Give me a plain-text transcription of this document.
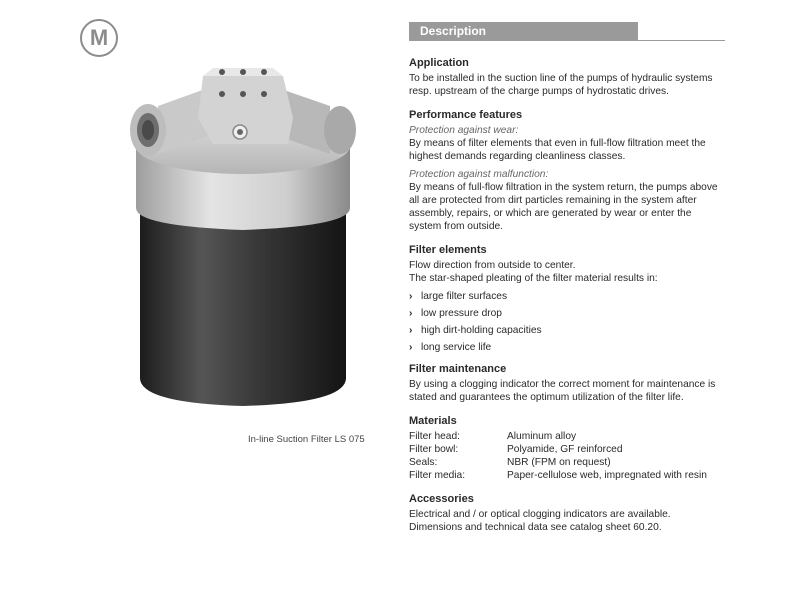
M
In-line Suction Filter LS 075
Description
Application

To be installed in the suction line of the pumps of hydraulic systems resp. upstream of the charge pumps of hydrostatic drives.

Performance features

Protection against wear:

By means of filter elements that even in full-flow filtration meet the highest demands regarding cleanliness classes.

Protection against malfunction:

By means of full-flow filtration in the system return, the pumps above all are protected from dirt particles remaining in the system after assembly, repairs, or which are generated by wear or enter the system from outside.

Filter elements

Flow direction from outside to center.

The star-shaped pleating of the filter material results in:

› large filter surfaces
› low pressure drop
› high dirt-holding capacities
› long service life
Filter maintenance

By using a clogging indicator the correct moment for maintenance is stated and guarantees the optimum utilization of the filter life.

Materials
Filter head:	Aluminum alloy
Filter bowl:	Polyamide, GF reinforced
Seals:	NBR (FPM on request)
Filter media:	Paper-cellulose web, impregnated with resin
Accessories

Electrical and / or optical clogging indicators are available.

Dimensions and technical data see catalog sheet 60.20.
